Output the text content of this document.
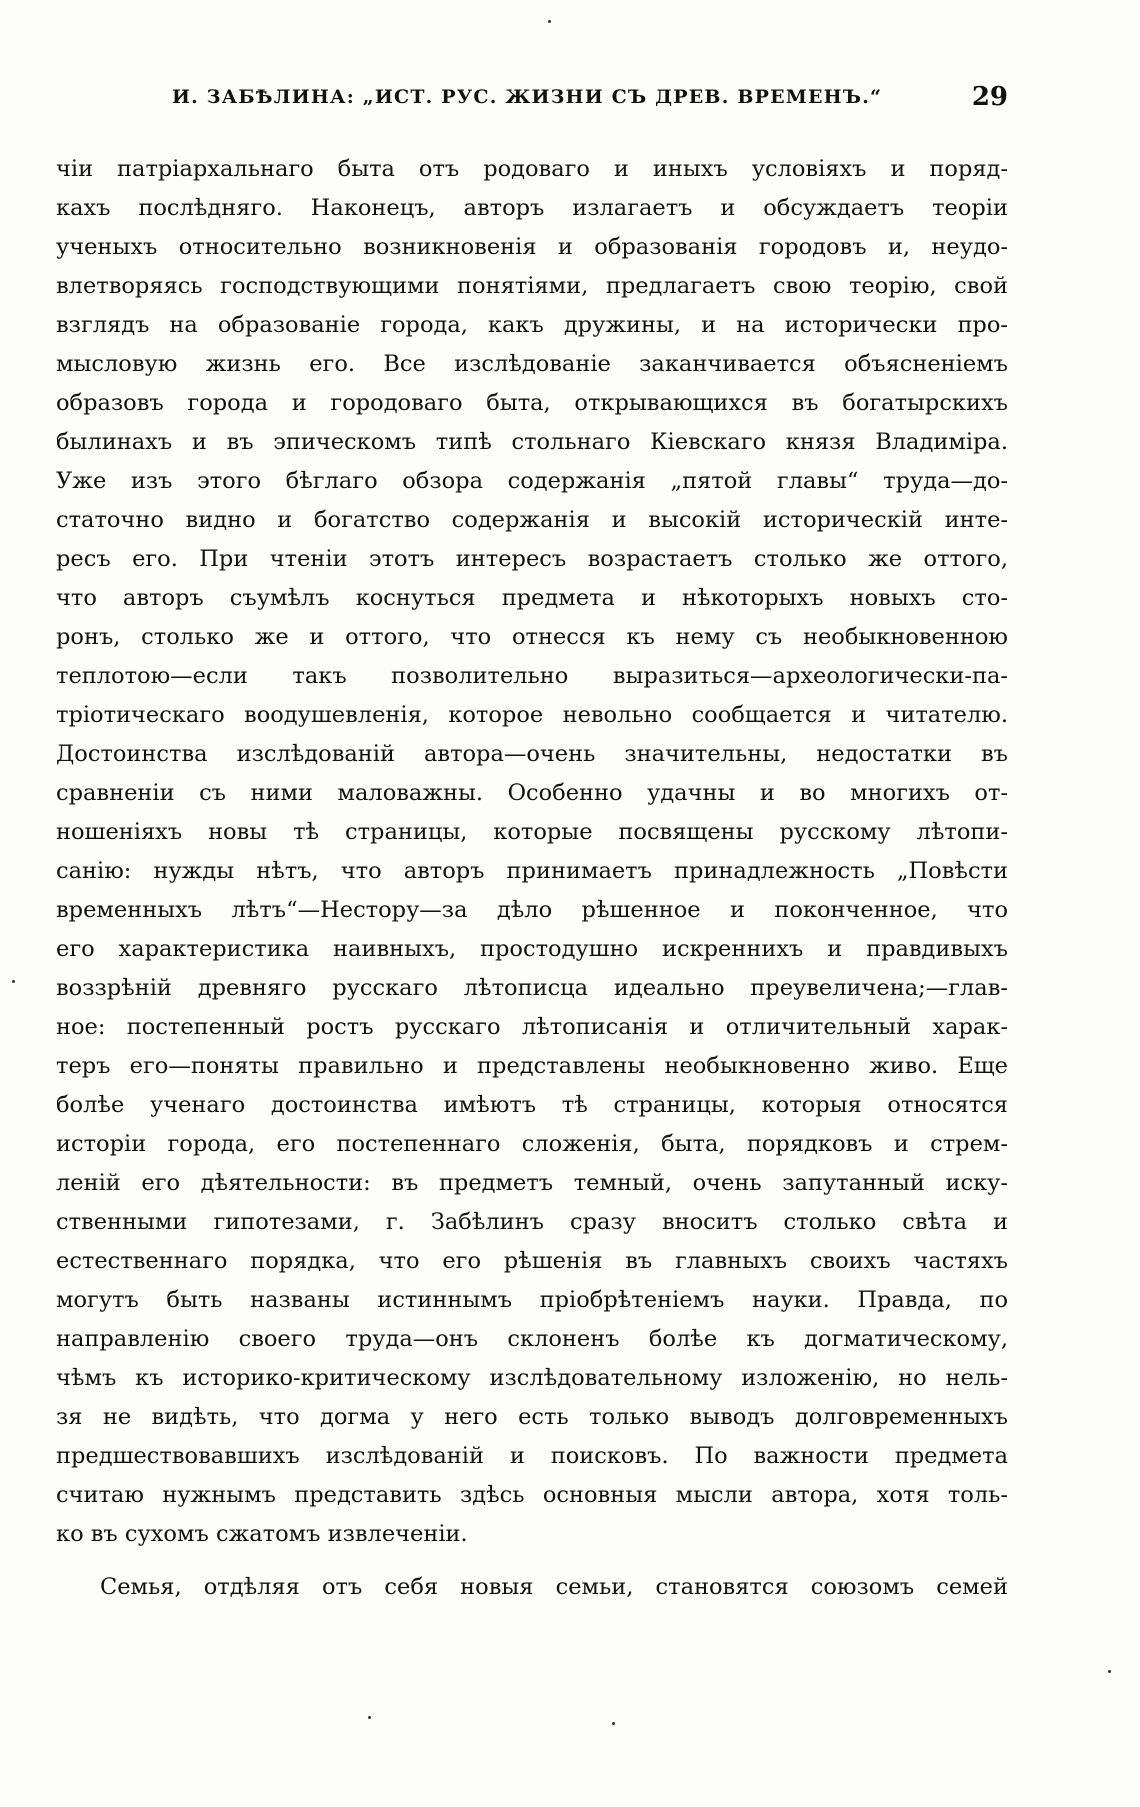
И. ЗАБѢЛИНА: „ИСТ. РУС. ЖИЗНИ СЪ ДРЕВ. ВРЕМЕНЪ.“	29
чіи патріархальнаго быта отъ родоваго и иныхъ условіяхъ и поряд-
кахъ послѣдняго. Наконецъ, авторъ излагаетъ и обсуждаетъ теоріи
ученыхъ относительно возникновенія и образованія городовъ и, неудо-
влетворяясь господствующими понятіями, предлагаетъ свою теорію, свой
взглядъ на образованіе города, какъ дружины, и на исторически про-
мысловую жизнь его. Все изслѣдованіе заканчивается объясненіемъ
образовъ города и городоваго быта, открывающихся въ богатырскихъ
былинахъ и въ эпическомъ типѣ стольнаго Кіевскаго князя Владиміра.
Уже изъ этого бѣглаго обзора содержанія „пятой главы“ труда—до-
статочно видно и богатство содержанія и высокій историческій инте-
ресъ его. При чтеніи этотъ интересъ возрастаетъ столько же оттого,
что авторъ съумѣлъ коснуться предмета и нѣкоторыхъ новыхъ сто-
ронъ, столько же и оттого, что отнесся къ нему съ необыкновенною
теплотою—если такъ позволительно выразиться—археологически-па-
тріотическаго воодушевленія, которое невольно сообщается и читателю.
Достоинства изслѣдованій автора—очень значительны, недостатки въ
сравненіи съ ними маловажны. Особенно удачны и во многихъ от-
ношеніяхъ новы тѣ страницы, которые посвящены русскому лѣтопи-
санію: нужды нѣтъ, что авторъ принимаетъ принадлежность „Повѣсти
временныхъ лѣтъ“—Нестору—за дѣло рѣшенное и поконченное, что
его характеристика наивныхъ, простодушно искреннихъ и правдивыхъ
воззрѣній древняго русскаго лѣтописца идеально преувеличена;—глав-
ное: постепенный ростъ русскаго лѣтописанія и отличительный харак-
теръ его—поняты правильно и представлены необыкновенно живо. Еще
болѣе ученаго достоинства имѣютъ тѣ страницы, которыя относятся
исторіи города, его постепеннаго сложенія, быта, порядковъ и стрем-
леній его дѣятельности: въ предметъ темный, очень запутанный иску-
ственными гипотезами, г. Забѣлинъ сразу вноситъ столько свѣта и
естественнаго порядка, что его рѣшенія въ главныхъ своихъ частяхъ
могутъ быть названы истиннымъ пріобрѣтеніемъ науки. Правда, по
направленію своего труда—онъ склоненъ болѣе къ догматическому,
чѣмъ къ историко-критическому изслѣдовательному изложенію, но нель-
зя не видѣть, что догма у него есть только выводъ долговременныхъ
предшествовавшихъ изслѣдованій и поисковъ. По важности предмета
считаю нужнымъ представить здѣсь основныя мысли автора, хотя толь-
ко въ сухомъ сжатомъ извлеченіи.
Семья, отдѣляя отъ себя новыя семьи, становятся союзомъ семей
